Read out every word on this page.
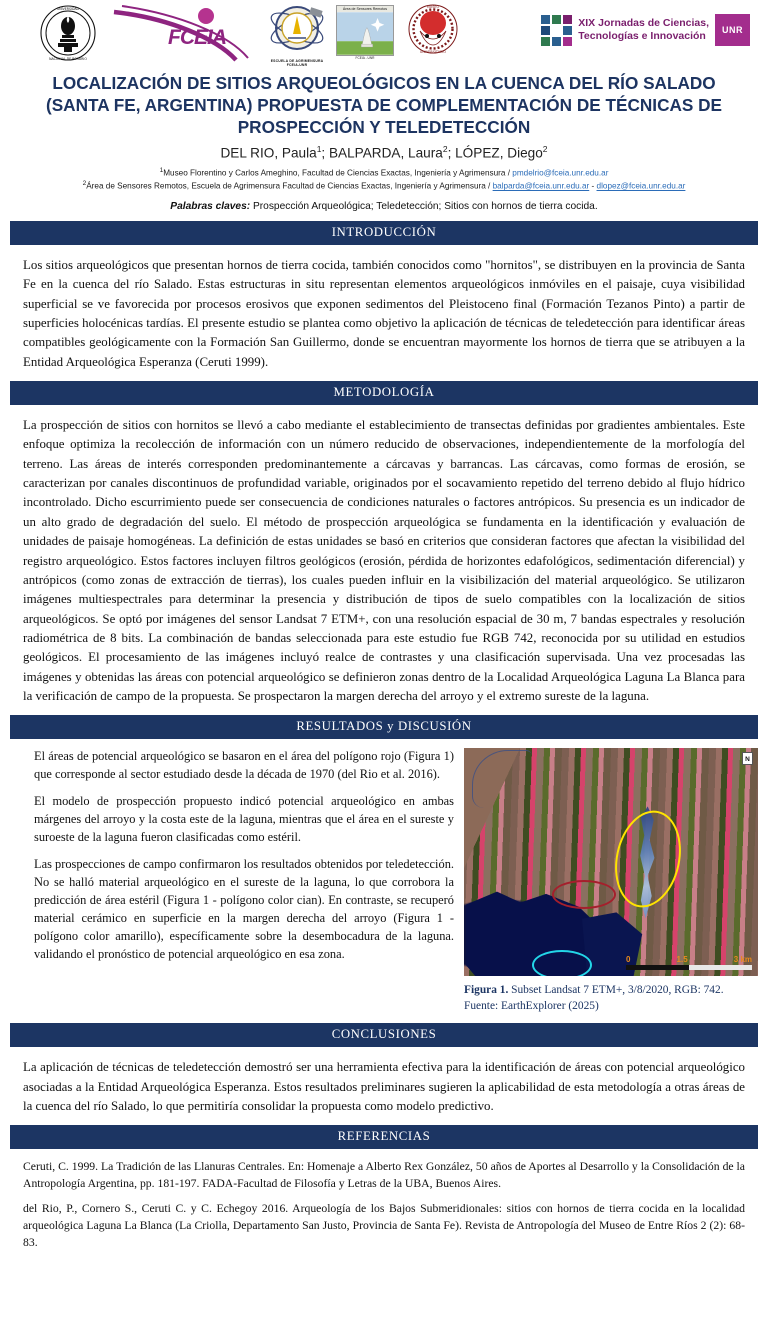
UNIVERSIDAD
NACIONAL DE ROSARIO
FCEIA
ESCUELA DE AGRIMENSURA FCEIA-UNR
Área de Sensores Remotos
FCEIA - UNR
MUSEO
UNIVERSITARIO
XIX Jornadas de Ciencias,
Tecnologías e Innovación	UNR
LOCALIZACIÓN DE SITIOS ARQUEOLÓGICOS EN LA CUENCA DEL RÍO SALADO
(SANTA FE, ARGENTINA) PROPUESTA DE COMPLEMENTACIÓN DE TÉCNICAS DE
PROSPECCIÓN Y TELEDETECCIÓN
DEL RIO, Paula$^1$; BALPARDA, Laura$^2$; LÓPEZ, Diego$^2$
$^1$Museo Florentino y Carlos Ameghino, Facultad de Ciencias Exactas, Ingeniería y Agrimensura / pmdelrio@fceia.unr.edu.ar
$^2$Área de Sensores Remotos, Escuela de Agrimensura Facultad de Ciencias Exactas, Ingeniería y Agrimensura / balparda@fceia.unr.edu.ar - dlopez@fceia.unr.edu.ar
Palabras claves: Prospección Arqueológica; Teledetección; Sitios con hornos de tierra cocida.
INTRODUCCIÓN

Los sitios arqueológicos que presentan hornos de tierra cocida, también conocidos como "hornitos", se distribuyen en la provincia de Santa Fe en la cuenca del río Salado. Estas estructuras in situ representan elementos arqueológicos inmóviles en el paisaje, cuya visibilidad superficial se ve favorecida por procesos erosivos que exponen sedimentos del Pleistoceno final (Formación Tezanos Pinto) a partir de superficies holocénicas tardías. El presente estudio se plantea como objetivo la aplicación de técnicas de teledetección para identificar áreas compatibles geológicamente con la Formación San Guillermo, donde se encuentran mayormente los hornos de tierra que se atribuyen a la Entidad Arqueológica Esperanza (Ceruti 1999).

METODOLOGÍA

La prospección de sitios con hornitos se llevó a cabo mediante el establecimiento de transectas definidas por gradientes ambientales. Este enfoque optimiza la recolección de información con un número reducido de observaciones, independientemente de la morfología del terreno. Las áreas de interés corresponden predominantemente a cárcavas y barrancas. Las cárcavas, como formas de erosión, se caracterizan por canales discontinuos de profundidad variable, originados por el socavamiento repetido del terreno debido al flujo hídrico incontrolado. Dicho escurrimiento puede ser consecuencia de condiciones naturales o factores antrópicos. Su presencia es un indicador de un alto grado de degradación del suelo. El método de prospección arqueológica se fundamenta en la identificación y evaluación de unidades de paisaje homogéneas. La definición de estas unidades se basó en criterios que consideran factores que afectan la visibilidad del registro arqueológico. Estos factores incluyen filtros geológicos (erosión, pérdida de horizontes edafológicos, sedimentación diferencial) y antrópicos (como zonas de extracción de tierras), los cuales pueden influir en la visibilización del material arqueológico. Se utilizaron imágenes multiespectrales para determinar la presencia y distribución de tipos de suelo compatibles con la localización de sitios arqueológicos. Se optó por imágenes del sensor Landsat 7 ETM+, con una resolución espacial de 30 m, 7 bandas espectrales y resolución radiométrica de 8 bits. La combinación de bandas seleccionada para este estudio fue RGB 742, reconocida por su utilidad en estudios geológicos. El procesamiento de las imágenes incluyó realce de contrastes y una clasificación supervisada. Una vez procesadas las imágenes y obtenidas las áreas con potencial arqueológico se definieron zonas dentro de la Localidad Arqueológica Laguna La Blanca para la verificación de campo de la propuesta. Se prospectaron la margen derecha del arroyo y el extremo sureste de la laguna.

RESULTADOS y DISCUSIÓN

El áreas de potencial arqueológico se basaron en el área del polígono rojo (Figura 1) que corresponde al sector estudiado desde la década de 1970 (del Rio et al. 2016).

El modelo de prospección propuesto indicó potencial arqueológico en ambas márgenes del arroyo y la costa este de la laguna, mientras que el área en el sureste y suroeste de la laguna fueron clasificadas como estéril.

Las prospecciones de campo confirmaron los resultados obtenidos por teledetección. No se halló material arqueológico en el sureste de la laguna, lo que corrobora la predicción de área estéril (Figura 1 - polígono color cian). En contraste, se recuperó material cerámico en superficie en la margen derecha del arroyo (Figura 1 - polígono color amarillo), específicamente sobre la desembocadura de la laguna. validando el pronóstico de potencial arqueológico en esa zona.

N
0	1.5	3 km
Figura 1. Subset Landsat 7 ETM+, 3/8/2020, RGB: 742. Fuente: EarthExplorer (2025)
CONCLUSIONES

La aplicación de técnicas de teledetección demostró ser una herramienta efectiva para la identificación de áreas con potencial arqueológico asociadas a la Entidad Arqueológica Esperanza. Estos resultados preliminares sugieren la aplicabilidad de esta metodología a otras áreas de la cuenca del río Salado, lo que permitiría consolidar la propuesta como modelo predictivo.

REFERENCIAS

Ceruti, C. 1999. La Tradición de las Llanuras Centrales. En: Homenaje a Alberto Rex González, 50 años de Aportes al Desarrollo y la Consolidación de la Antropología Argentina, pp. 181-197. FADA-Facultad de Filosofía y Letras de la UBA, Buenos Aires.

del Rio, P., Cornero S., Ceruti C. y C. Echegoy 2016. Arqueología de los Bajos Submeridionales: sitios con hornos de tierra cocida en la localidad arqueológica Laguna La Blanca (La Criolla, Departamento San Justo, Provincia de Santa Fe). Revista de Antropología del Museo de Entre Ríos 2 (2): 68-83.
